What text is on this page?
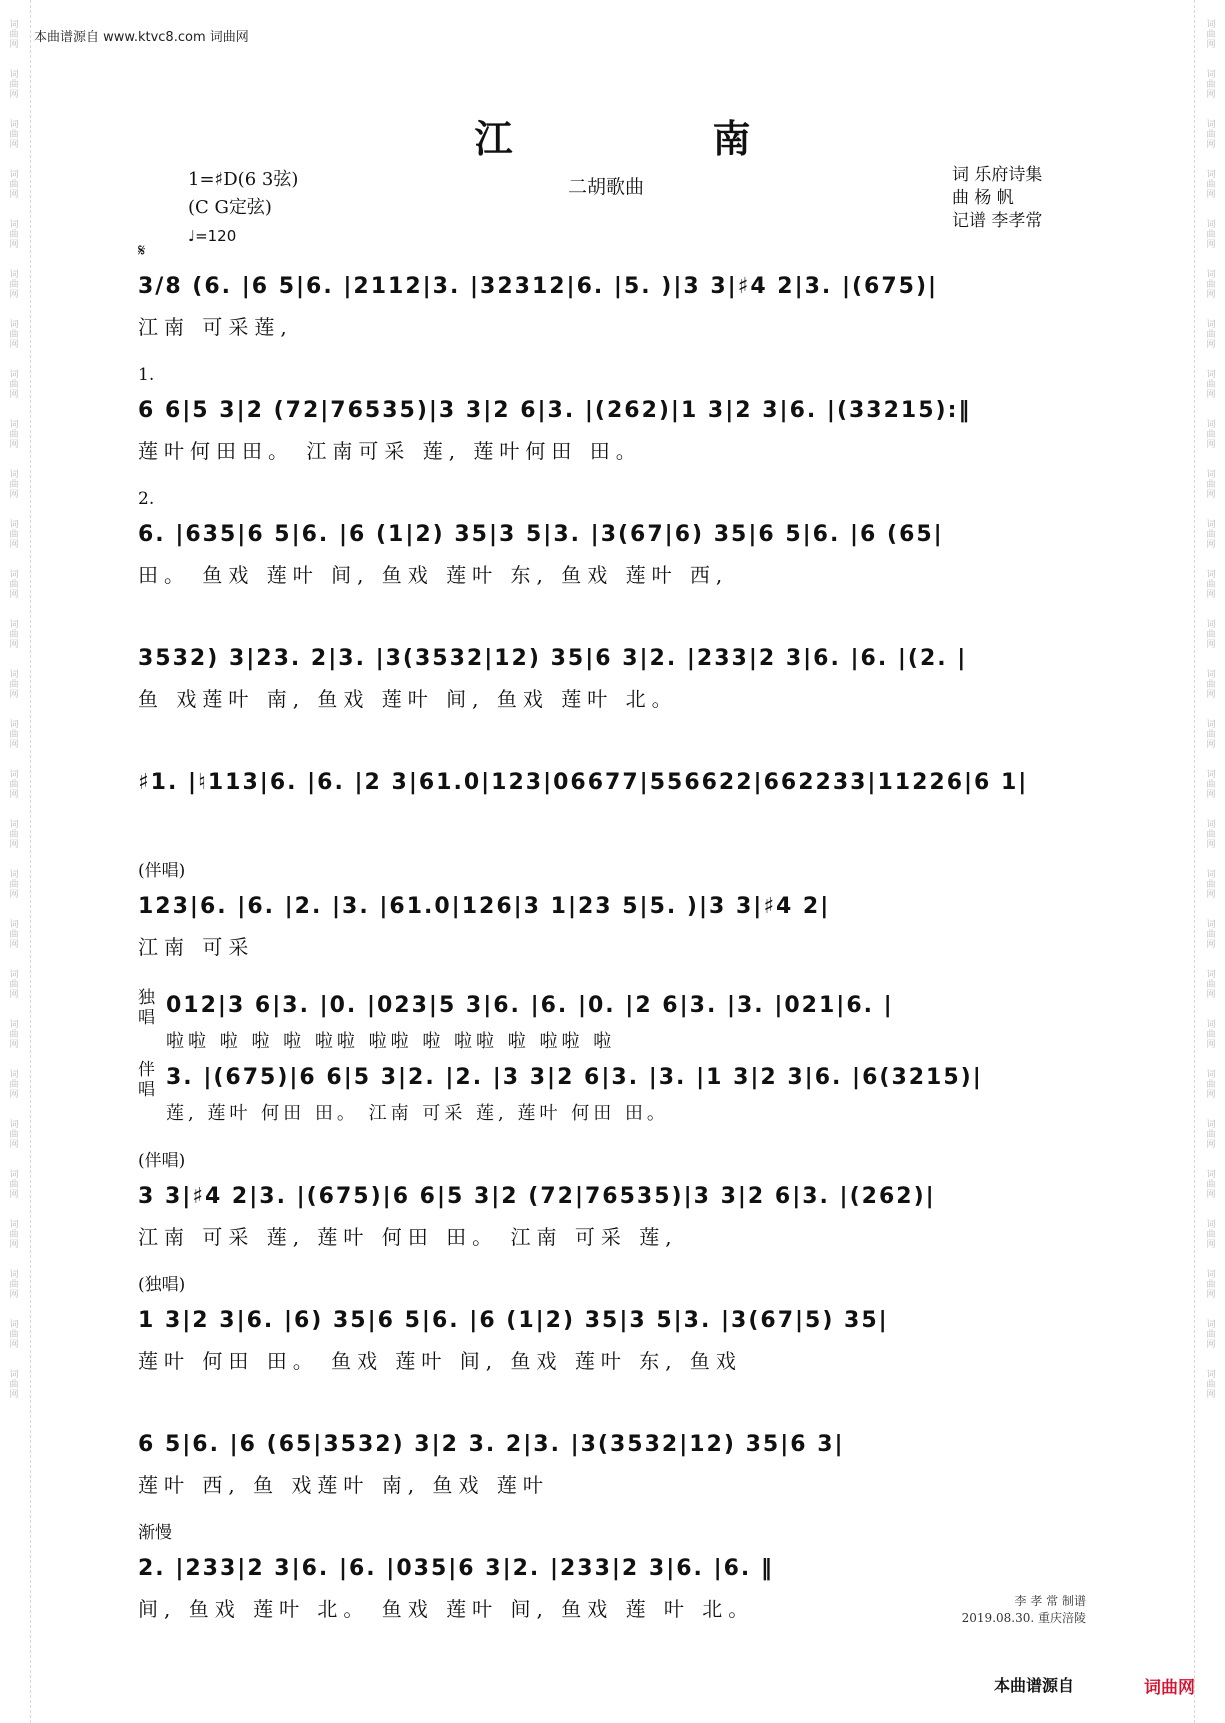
词
曲
网
词
曲
网
词
曲
网
词
曲
网
词
曲
网
词
曲
网
词
曲
网
词
曲
网
词
曲
网
词
曲
网
词
曲
网
词
曲
网
词
曲
网
词
曲
网
词
曲
网
词
曲
网
词
曲
网
词
曲
网
词
曲
网
词
曲
网
词
曲
网
词
曲
网
词
曲
网
词
曲
网
词
曲
网
词
曲
网
词
曲
网
词
曲
网
词
曲
网
词
曲
网
词
曲
网
词
曲
网
词
曲
网
词
曲
网
词
曲
网
词
曲
网
词
曲
网
词
曲
网
词
曲
网
词
曲
网
词
曲
网
词
曲
网
词
曲
网
词
曲
网
词
曲
网
词
曲
网
词
曲
网
词
曲
网
词
曲
网
词
曲
网
词
曲
网
词
曲
网
词
曲
网
词
曲
网
词
曲
网
词
曲
网
本曲谱源自 www.ktvc8.com 词曲网
江南
二胡歌曲
1=♯D(6 3弦)
(C G定弦)
♩=120
词 乐府诗集
曲 杨 帆
记谱 李孝常
𝄋
3/8 (6. |6 5|6. |2112|3. |32312|6. |5. )|3 3|♯4 2|3. |(675)|
江南 可采莲,
1.
6 6|5 3|2 (72|76535)|3 3|2 6|3. |(262)|1 3|2 3|6. |(33215):‖
莲叶何田田。 江南可采 莲, 莲叶何田 田。
2.
6. |635|6 5|6. |6 (1|2) 35|3 5|3. |3(67|6) 35|6 5|6. |6 (65|
田。 鱼戏 莲叶 间, 鱼戏 莲叶 东, 鱼戏 莲叶 西,
3532) 3|23. 2|3. |3(3532|12) 35|6 3|2. |233|2 3|6. |6. |(2. |
鱼 戏莲叶 南, 鱼戏 莲叶 间, 鱼戏 莲叶 北。
♯1. |♮113|6. |6. |2 3|61.0|123|06677|556622|662233|11226|6 1|
(伴唱)
123|6. |6. |2. |3. |61.0|126|3 1|23 5|5. )|3 3|♯4 2|
江南 可采
独唱 012|3 6|3. |0. |023|5 3|6. |6. |0. |2 6|3. |3. |021|6. |
啦啦 啦 啦 啦 啦啦 啦啦 啦 啦啦 啦 啦啦 啦
伴唱 3. |(675)|6 6|5 3|2. |2. |3 3|2 6|3. |3. |1 3|2 3|6. |6(3215)|
莲, 莲叶 何田 田。 江南 可采 莲, 莲叶 何田 田。
(伴唱)
3 3|♯4 2|3. |(675)|6 6|5 3|2 (72|76535)|3 3|2 6|3. |(262)|
江南 可采 莲, 莲叶 何田 田。 江南 可采 莲,
(独唱)
1 3|2 3|6. |6) 35|6 5|6. |6 (1|2) 35|3 5|3. |3(67|5) 35|
莲叶 何田 田。 鱼戏 莲叶 间, 鱼戏 莲叶 东, 鱼戏
6 5|6. |6 (65|3532) 3|2 3. 2|3. |3(3532|12) 35|6 3|
莲叶 西, 鱼 戏莲叶 南, 鱼戏 莲叶
渐慢
2. |233|2 3|6. |6. |035|6 3|2. |233|2 3|6. |6. ‖
间, 鱼戏 莲叶 北。 鱼戏 莲叶 间, 鱼戏 莲 叶 北。	李 孝 常 制谱
2019.08.30. 重庆涪陵
本曲谱源自	词曲网
